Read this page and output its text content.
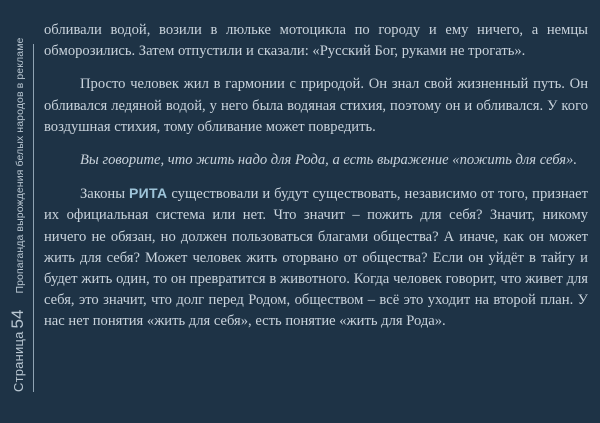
Страница
54
Пропаганда вырождения белых народов в рекламе

обливали водой, возили в люльке мотоцикла по городу и ему ничего, а немцы обморозились. Затем отпустили и сказали: «Русский Бог, руками не трогать».

Просто человек жил в гармонии с природой. Он знал свой жизненный путь. Он обливался ледяной водой, у него была водяная стихия, поэтому он и обливался. У кого воздушная стихия, тому обливание может повредить.

Вы говорите, что жить надо для Рода, а есть выражение «пожить для себя».

Законы РИТА существовали и будут существовать, независимо от того, признает их официальная система или нет. Что значит – пожить для себя? Значит, никому ничего не обязан, но должен пользоваться благами общества? А иначе, как он может жить для себя? Может человек жить оторвано от общества? Если он уйдёт в тайгу и будет жить один, то он превратится в животного. Когда человек говорит, что живет для себя, это значит, что долг перед Родом, обществом – всё это уходит на второй план. У нас нет понятия «жить для себя», есть понятие «жить для Рода».
